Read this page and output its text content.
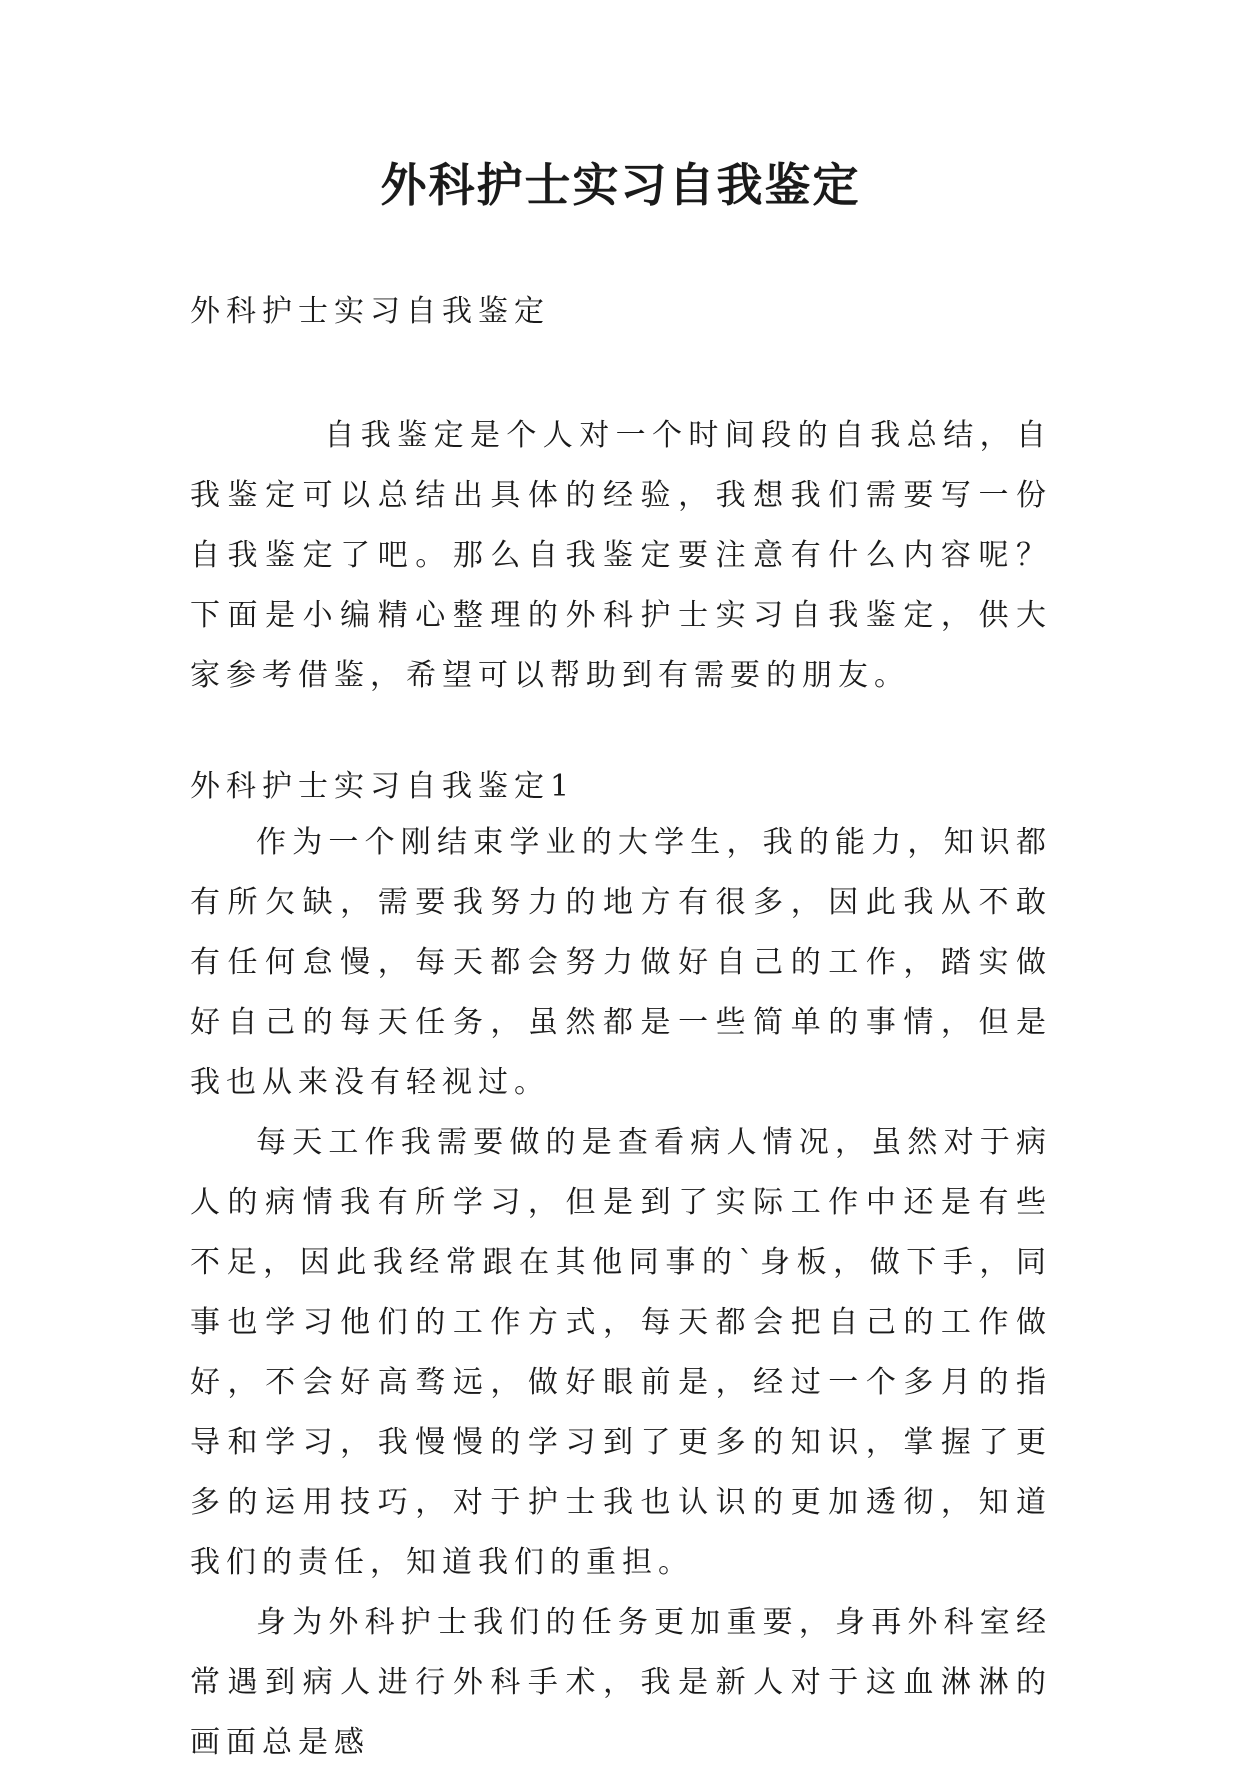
外科护士实习自我鉴定
外科护士实习自我鉴定

自我鉴定是个人对一个时间段的自我总结，自我鉴定可以总结出具体的经验，我想我们需要写一份自我鉴定了吧。那么自我鉴定要注意有什么内容呢？下面是小编精心整理的外科护士实习自我鉴定，供大家参考借鉴，希望可以帮助到有需要的朋友。

外科护士实习自我鉴定1

作为一个刚结束学业的大学生，我的能力，知识都有所欠缺，需要我努力的地方有很多，因此我从不敢有任何怠慢，每天都会努力做好自己的工作，踏实做好自己的每天任务，虽然都是一些简单的事情，但是我也从来没有轻视过。

每天工作我需要做的是查看病人情况，虽然对于病人的病情我有所学习，但是到了实际工作中还是有些不足，因此我经常跟在其他同事的`身板，做下手，同事也学习他们的工作方式，每天都会把自己的工作做好，不会好高骛远，做好眼前是，经过一个多月的指导和学习，我慢慢的学习到了更多的知识，掌握了更多的运用技巧，对于护士我也认识的更加透彻，知道我们的责任，知道我们的重担。

身为外科护士我们的任务更加重要，身再外科室经常遇到病人进行外科手术，我是新人对于这血淋淋的画面总是感
